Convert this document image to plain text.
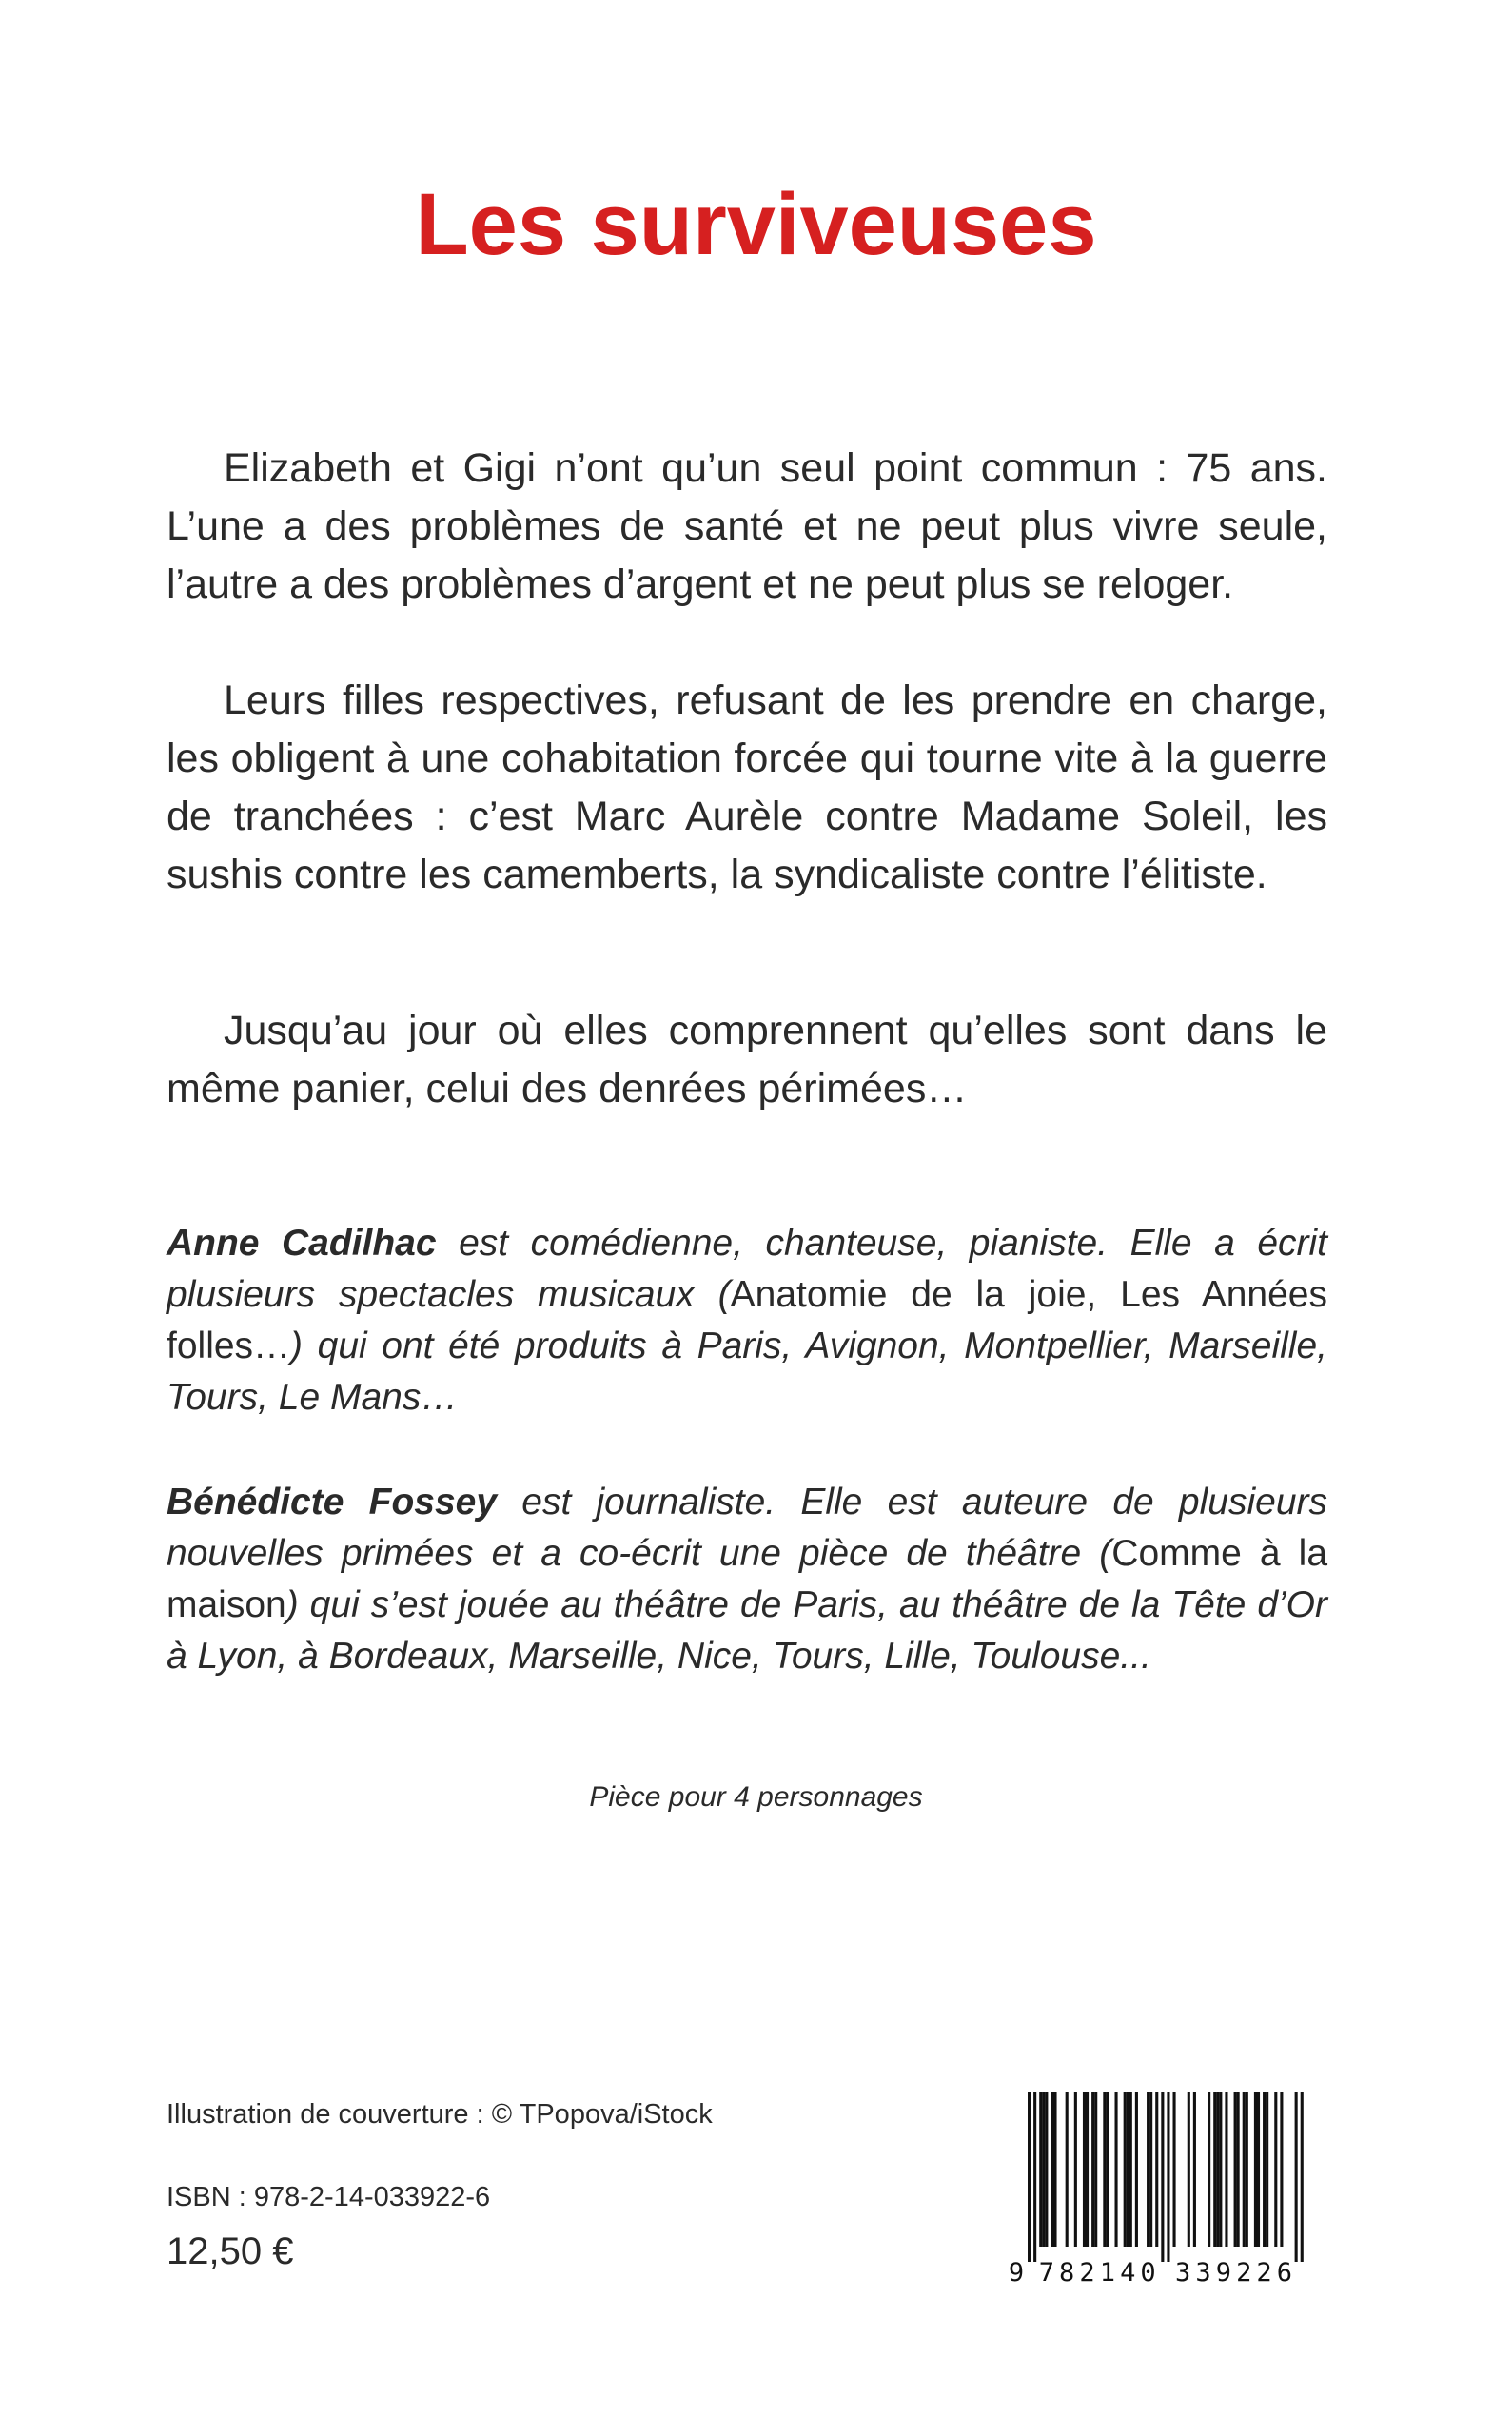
Les surviveuses

Elizabeth et Gigi n’ont qu’un seul point commun : 75 ans. L’une a des problèmes de santé et ne peut plus vivre seule, l’autre a des problèmes d’argent et ne peut plus se reloger.

Leurs filles respectives, refusant de les prendre en charge, les obligent à une cohabitation forcée qui tourne vite à la guerre de tranchées : c’est Marc Aurèle contre Madame Soleil, les sushis contre les camemberts, la syndicaliste contre l’élitiste.

Jusqu’au jour où elles comprennent qu’elles sont dans le même panier, celui des denrées périmées…

Anne Cadilhac est comédienne, chanteuse, pianiste. Elle a écrit plusieurs spectacles musicaux (Anatomie de la joie, Les Années folles…) qui ont été produits à Paris, Avignon, Montpellier, Marseille, Tours, Le Mans…
Bénédicte Fossey est journaliste. Elle est auteure de plusieurs nouvelles primées et a co-écrit une pièce de théâtre (Comme à la maison) qui s’est jouée au théâtre de Paris, au théâtre de la Tête d’Or à Lyon, à Bordeaux, Marseille, Nice, Tours, Lille, Toulouse...
Pièce pour 4 personnages
Illustration de couverture : © TPopova/iStock
ISBN : 978-2-14-033922-6
12,50 €
9 7 8 2 1 4 0 3 3 9 2 2 6
